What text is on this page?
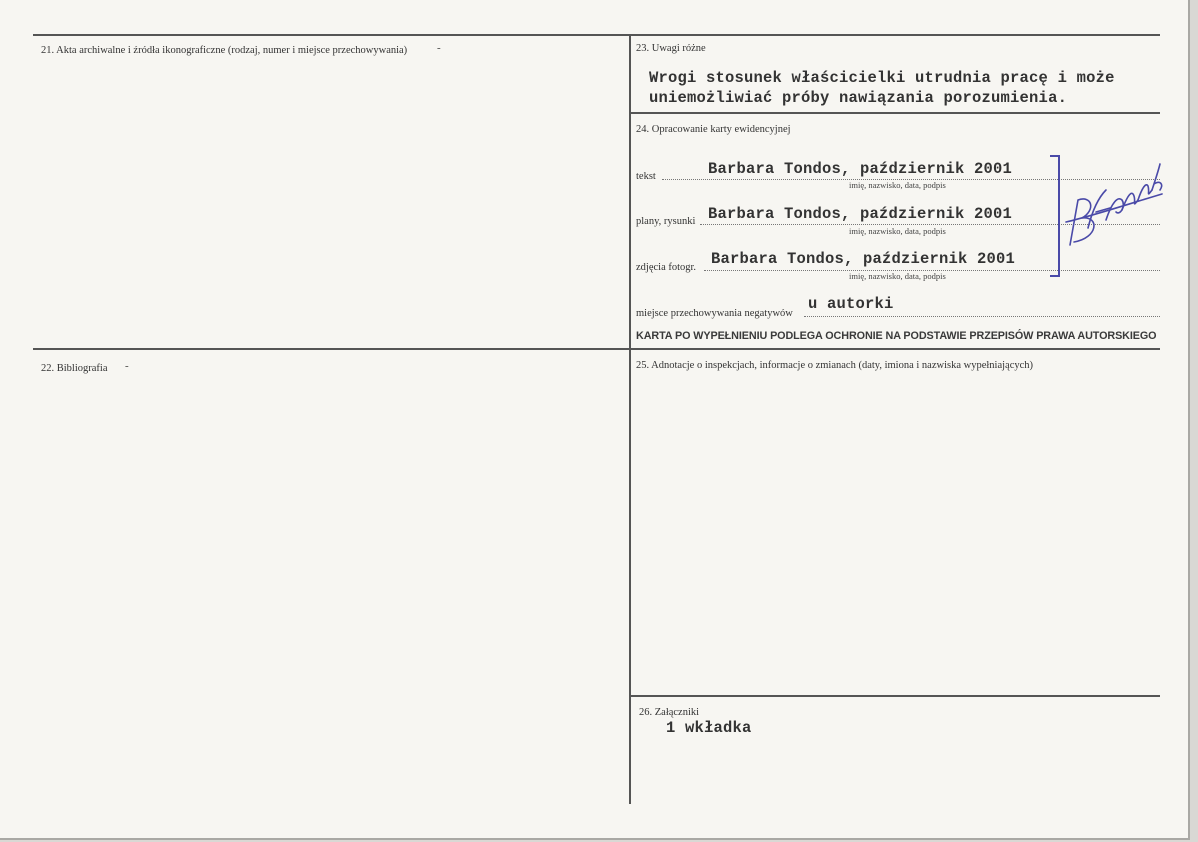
21. Akta archiwalne i źródła ikonograficzne (rodzaj, numer i miejsce przechowywania)	-
22. Bibliografia -
23. Uwagi różne
Wrogi stosunek właścicielki utrudnia pracę i może
uniemożliwiać próby nawiązania porozumienia.
24. Opracowanie karty ewidencyjnej
tekst	Barbara Tondos, październik 2001
imię, nazwisko, data, podpis
plany, rysunki Barbara Tondos, październik 2001
imię, nazwisko, data, podpis
zdjęcia fotogr. Barbara Tondos, październik 2001
imię, nazwisko, data, podpis
miejsce przechowywania negatywów
u autorki
KARTA PO WYPEŁNIENIU PODLEGA OCHRONIE NA PODSTAWIE PRZEPISÓW PRAWA AUTORSKIEGO
25. Adnotacje o inspekcjach, informacje o zmianach (daty, imiona i nazwiska wypełniających)
26. Załączniki
1 wkładka
